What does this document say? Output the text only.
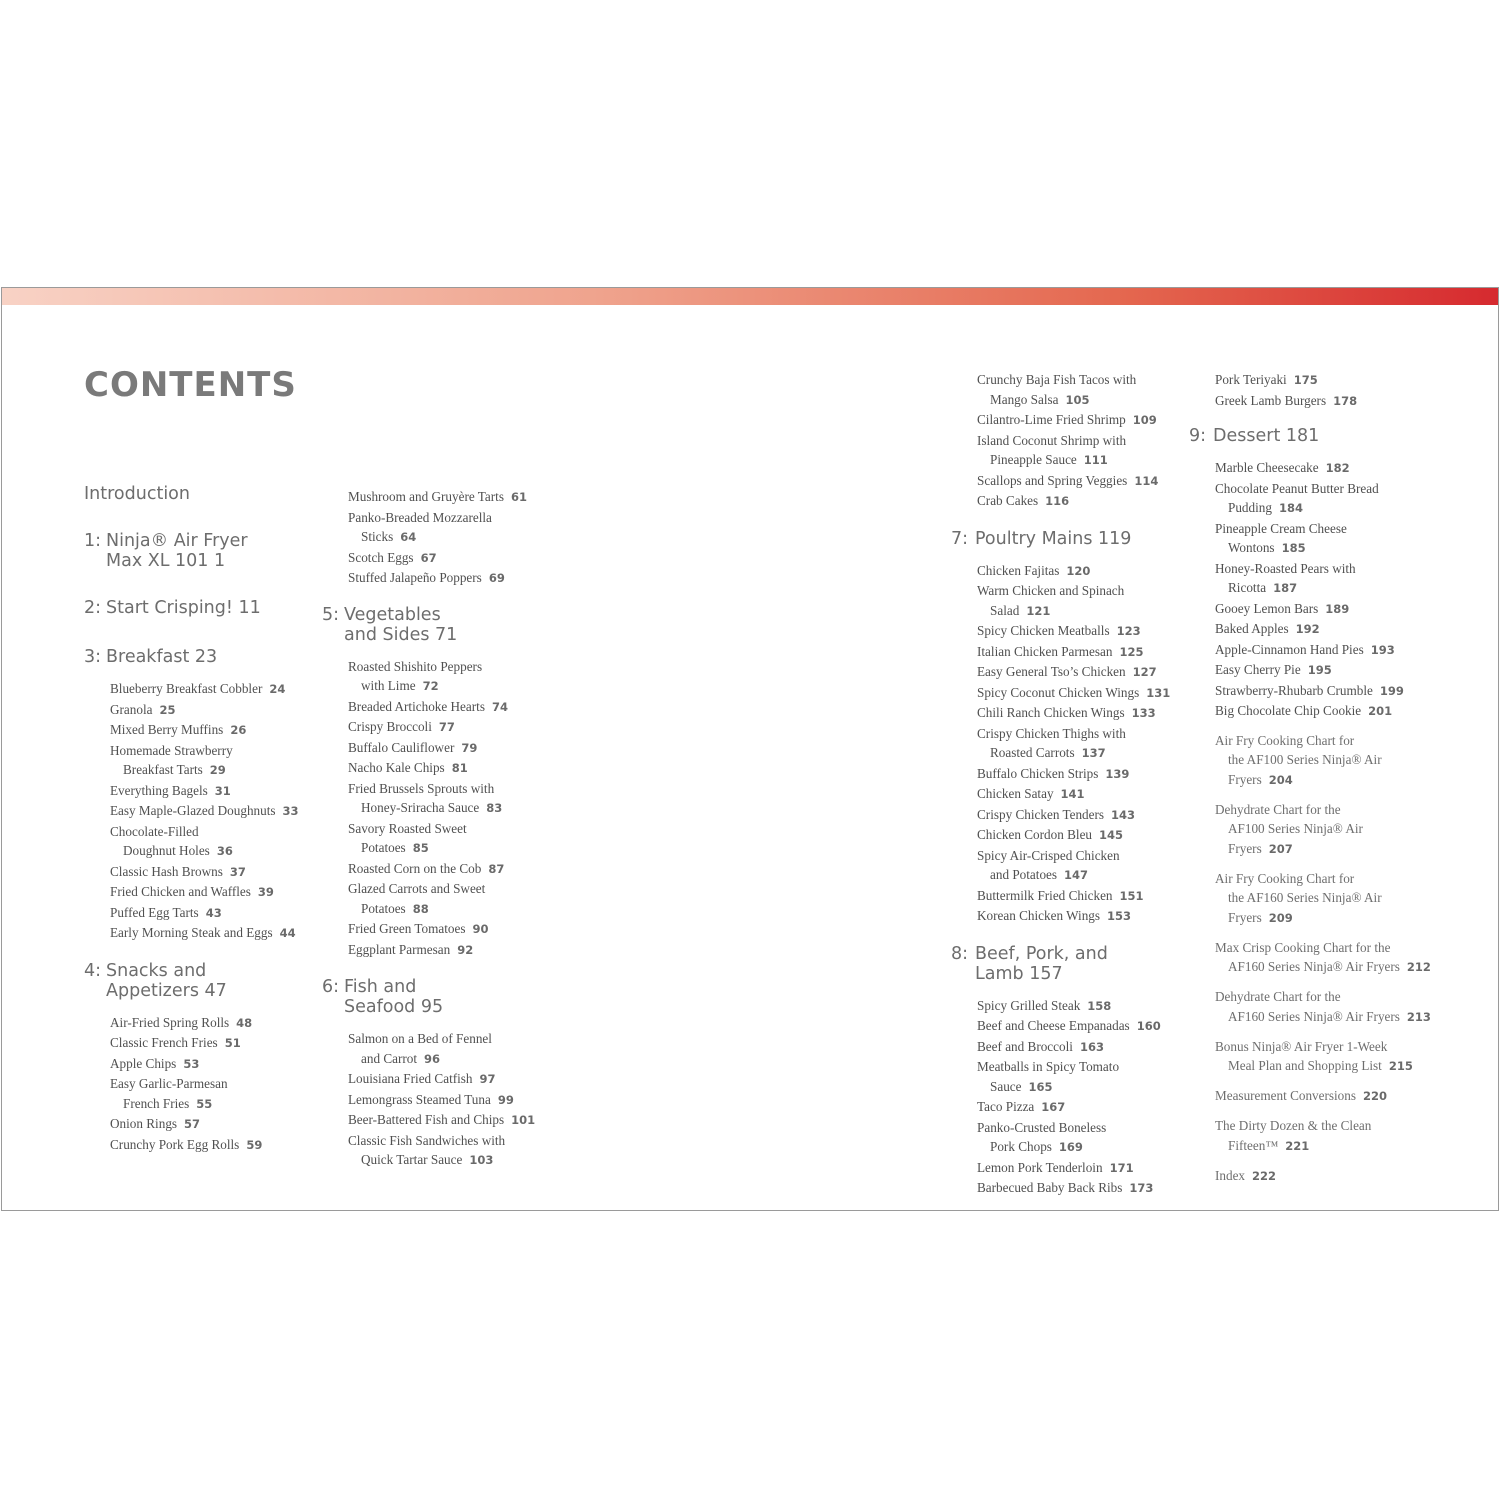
CONTENTS
Introduction
1: Ninja® Air Fryer
Max XL 101 1
2: Start Crisping! 11
3: Breakfast 23
Blueberry Breakfast Cobbler 24
Granola 25
Mixed Berry Muffins 26
Homemade Strawberry
Breakfast Tarts 29
Everything Bagels 31
Easy Maple-Glazed Doughnuts 33
Chocolate-Filled
Doughnut Holes 36
Classic Hash Browns 37
Fried Chicken and Waffles 39
Puffed Egg Tarts 43
Early Morning Steak and Eggs 44
4: Snacks and
Appetizers 47
Air-Fried Spring Rolls 48
Classic French Fries 51
Apple Chips 53
Easy Garlic-Parmesan
French Fries 55
Onion Rings 57
Crunchy Pork Egg Rolls 59
Mushroom and Gruyère Tarts 61
Panko-Breaded Mozzarella
Sticks 64
Scotch Eggs 67
Stuffed Jalapeño Poppers 69
5: Vegetables
and Sides 71
Roasted Shishito Peppers
with Lime 72
Breaded Artichoke Hearts 74
Crispy Broccoli 77
Buffalo Cauliflower 79
Nacho Kale Chips 81
Fried Brussels Sprouts with
Honey-Sriracha Sauce 83
Savory Roasted Sweet
Potatoes 85
Roasted Corn on the Cob 87
Glazed Carrots and Sweet
Potatoes 88
Fried Green Tomatoes 90
Eggplant Parmesan 92
6: Fish and
Seafood 95
Salmon on a Bed of Fennel
and Carrot 96
Louisiana Fried Catfish 97
Lemongrass Steamed Tuna 99
Beer-Battered Fish and Chips 101
Classic Fish Sandwiches with
Quick Tartar Sauce 103
Crunchy Baja Fish Tacos with
Mango Salsa 105
Cilantro-Lime Fried Shrimp 109
Island Coconut Shrimp with
Pineapple Sauce 111
Scallops and Spring Veggies 114
Crab Cakes 116
7: Poultry Mains 119
Chicken Fajitas 120
Warm Chicken and Spinach
Salad 121
Spicy Chicken Meatballs 123
Italian Chicken Parmesan 125
Easy General Tso’s Chicken 127
Spicy Coconut Chicken Wings 131
Chili Ranch Chicken Wings 133
Crispy Chicken Thighs with
Roasted Carrots 137
Buffalo Chicken Strips 139
Chicken Satay 141
Crispy Chicken Tenders 143
Chicken Cordon Bleu 145
Spicy Air-Crisped Chicken
and Potatoes 147
Buttermilk Fried Chicken 151
Korean Chicken Wings 153
8: Beef, Pork, and
Lamb 157
Spicy Grilled Steak 158
Beef and Cheese Empanadas 160
Beef and Broccoli 163
Meatballs in Spicy Tomato
Sauce 165
Taco Pizza 167
Panko-Crusted Boneless
Pork Chops 169
Lemon Pork Tenderloin 171
Barbecued Baby Back Ribs 173
Pork Teriyaki 175
Greek Lamb Burgers 178
9: Dessert 181
Marble Cheesecake 182
Chocolate Peanut Butter Bread
Pudding 184
Pineapple Cream Cheese
Wontons 185
Honey-Roasted Pears with
Ricotta 187
Gooey Lemon Bars 189
Baked Apples 192
Apple-Cinnamon Hand Pies 193
Easy Cherry Pie 195
Strawberry-Rhubarb Crumble 199
Big Chocolate Chip Cookie 201
Air Fry Cooking Chart for
the AF100 Series Ninja® Air
Fryers 204
Dehydrate Chart for the
AF100 Series Ninja® Air
Fryers 207
Air Fry Cooking Chart for
the AF160 Series Ninja® Air
Fryers 209
Max Crisp Cooking Chart for the
AF160 Series Ninja® Air Fryers 212
Dehydrate Chart for the
AF160 Series Ninja® Air Fryers 213
Bonus Ninja® Air Fryer 1-Week
Meal Plan and Shopping List 215
Measurement Conversions 220
The Dirty Dozen & the Clean
Fifteen™ 221
Index 222
